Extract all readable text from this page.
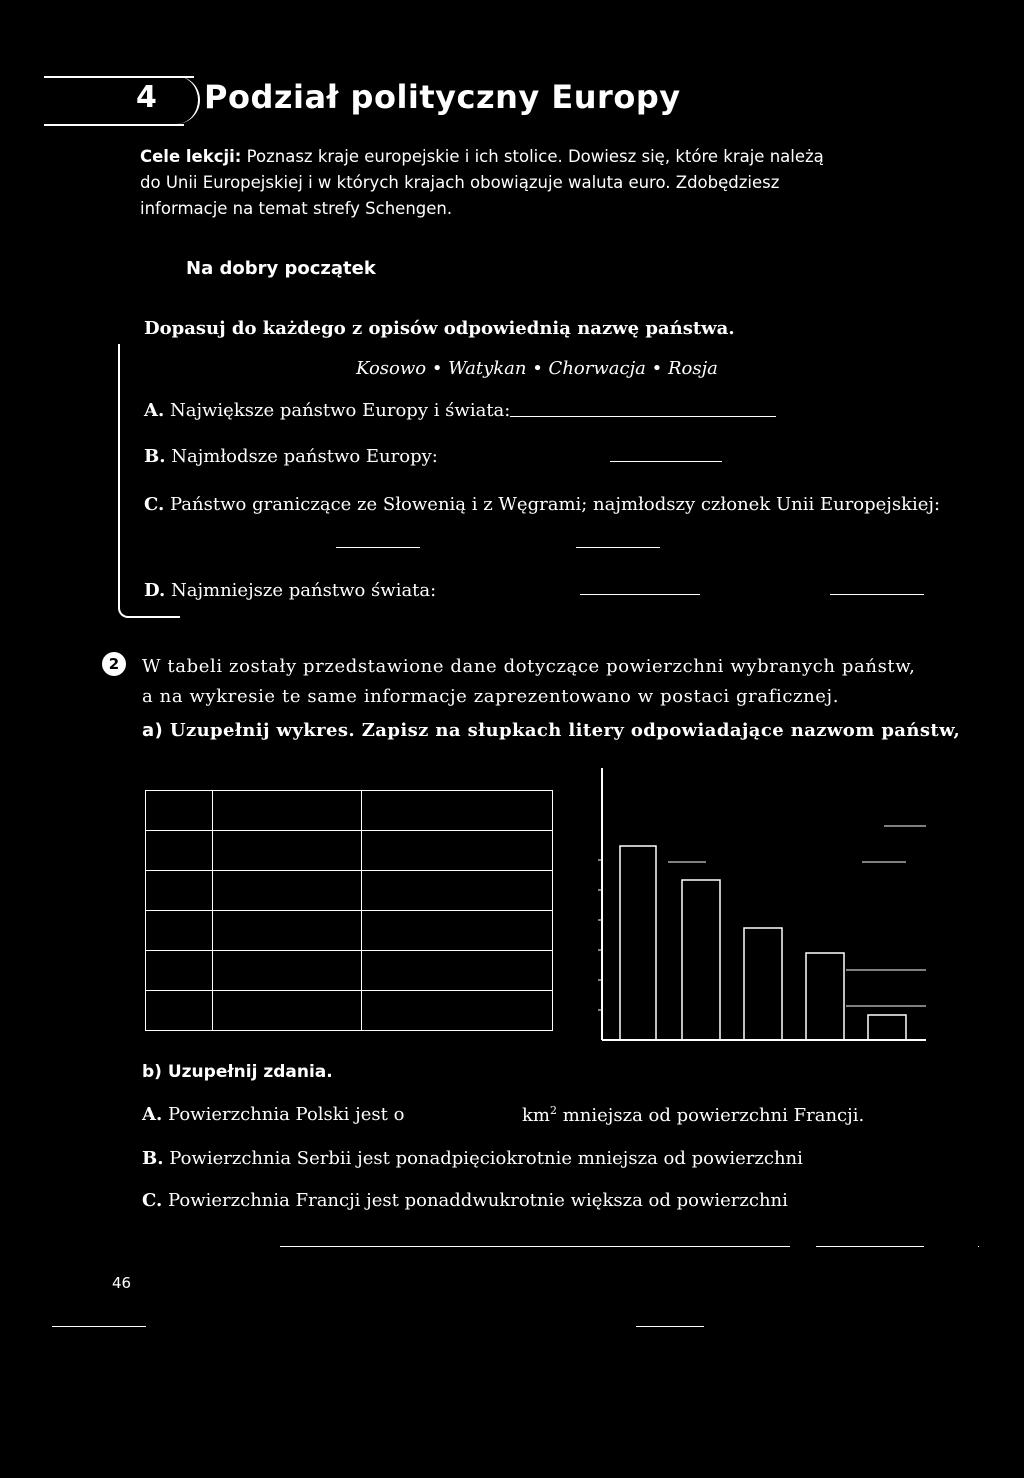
4 Podział polityczny Europy
Cele lekcji: Poznasz kraje europejskie i ich stolice. Dowiesz się, które kraje należą do Unii Europejskiej i w których krajach obowiązuje waluta euro. Zdobędziesz informacje na temat strefy Schengen.
Na dobry początek
Dopasuj do każdego z opisów odpowiednią nazwę państwa.
Kosowo • Watykan • Chorwacja • Rosja
A. Największe państwo Europy i świata:
B. Najmłodsze państwo Europy:
C. Państwo graniczące ze Słowenią i z Węgrami; najmłodszy członek Unii Europejskiej:
D. Najmniejsze państwo świata:
2	W tabeli zostały przedstawione dane dotyczące powierzchni wybranych państw, a na wykresie te same informacje zaprezentowano w postaci graficznej.
a) Uzupełnij wykres. Zapisz na słupkach litery odpowiadające nazwom państw,

b) Uzupełnij zdania.
A. Powierzchnia Polski jest o	$km^2$ mniejsza od powierzchni Francji.
B. Powierzchnia Serbii jest ponadpięciokrotnie mniejsza od powierzchni
C. Powierzchnia Francji jest ponaddwukrotnie większa od powierzchni
46
